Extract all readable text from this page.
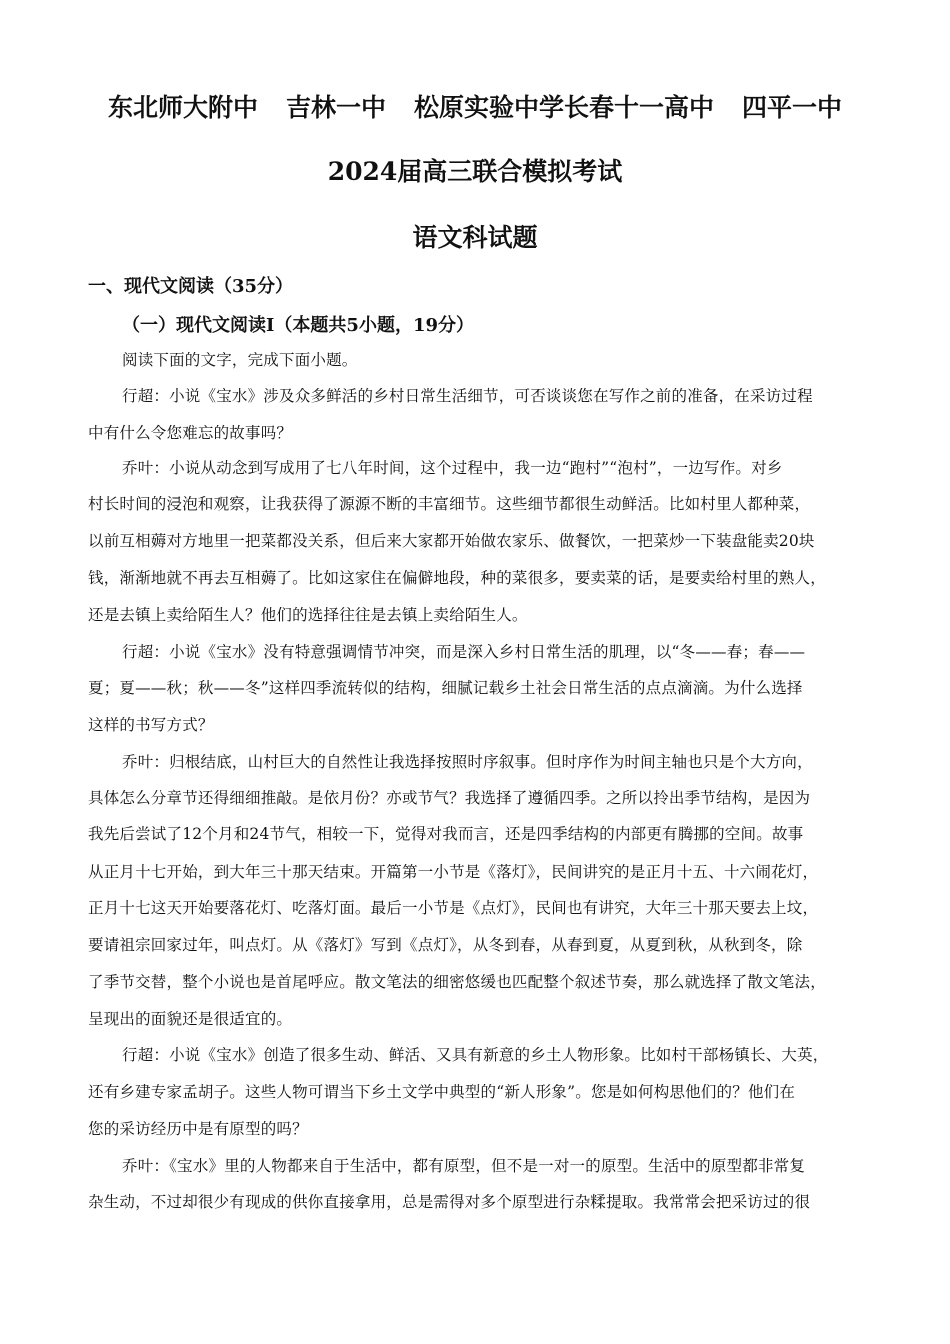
东北师大附中 吉林一中 松原实验中学长春十一高中 四平一中
2024届高三联合模拟考试
语文科试题
一、现代文阅读（35分）
（一）现代文阅读Ⅰ（本题共5小题，19分）
阅读下面的文字，完成下面小题。
行超：小说《宝水》涉及众多鲜活的乡村日常生活细节，可否谈谈您在写作之前的准备，在采访过程
中有什么令您难忘的故事吗？
乔叶：小说从动念到写成用了七八年时间，这个过程中，我一边“跑村”“泡村”，一边写作。对乡
村长时间的浸泡和观察，让我获得了源源不断的丰富细节。这些细节都很生动鲜活。比如村里人都种菜，
以前互相薅对方地里一把菜都没关系，但后来大家都开始做农家乐、做餐饮，一把菜炒一下装盘能卖20块
钱，渐渐地就不再去互相薅了。比如这家住在偏僻地段，种的菜很多，要卖菜的话，是要卖给村里的熟人，
还是去镇上卖给陌生人？他们的选择往往是去镇上卖给陌生人。
行超：小说《宝水》没有特意强调情节冲突，而是深入乡村日常生活的肌理，以“冬——春；春——
夏；夏——秋；秋——冬”这样四季流转似的结构，细腻记载乡土社会日常生活的点点滴滴。为什么选择
这样的书写方式？
乔叶：归根结底，山村巨大的自然性让我选择按照时序叙事。但时序作为时间主轴也只是个大方向，
具体怎么分章节还得细细推敲。是依月份？亦或节气？我选择了遵循四季。之所以拎出季节结构，是因为
我先后尝试了12个月和24节气，相较一下，觉得对我而言，还是四季结构的内部更有腾挪的空间。故事
从正月十七开始，到大年三十那天结束。开篇第一小节是《落灯》，民间讲究的是正月十五、十六闹花灯，
正月十七这天开始要落花灯、吃落灯面。最后一小节是《点灯》，民间也有讲究，大年三十那天要去上坟，
要请祖宗回家过年，叫点灯。从《落灯》写到《点灯》，从冬到春，从春到夏，从夏到秋，从秋到冬，除
了季节交替，整个小说也是首尾呼应。散文笔法的细密悠缓也匹配整个叙述节奏，那么就选择了散文笔法，
呈现出的面貌还是很适宜的。
行超：小说《宝水》创造了很多生动、鲜活、又具有新意的乡土人物形象。比如村干部杨镇长、大英，
还有乡建专家孟胡子。这些人物可谓当下乡土文学中典型的“新人形象”。您是如何构思他们的？他们在
您的采访经历中是有原型的吗？
乔叶：《宝水》里的人物都来自于生活中，都有原型，但不是一对一的原型。生活中的原型都非常复
杂生动，不过却很少有现成的供你直接拿用，总是需得对多个原型进行杂糅提取。我常常会把采访过的很
